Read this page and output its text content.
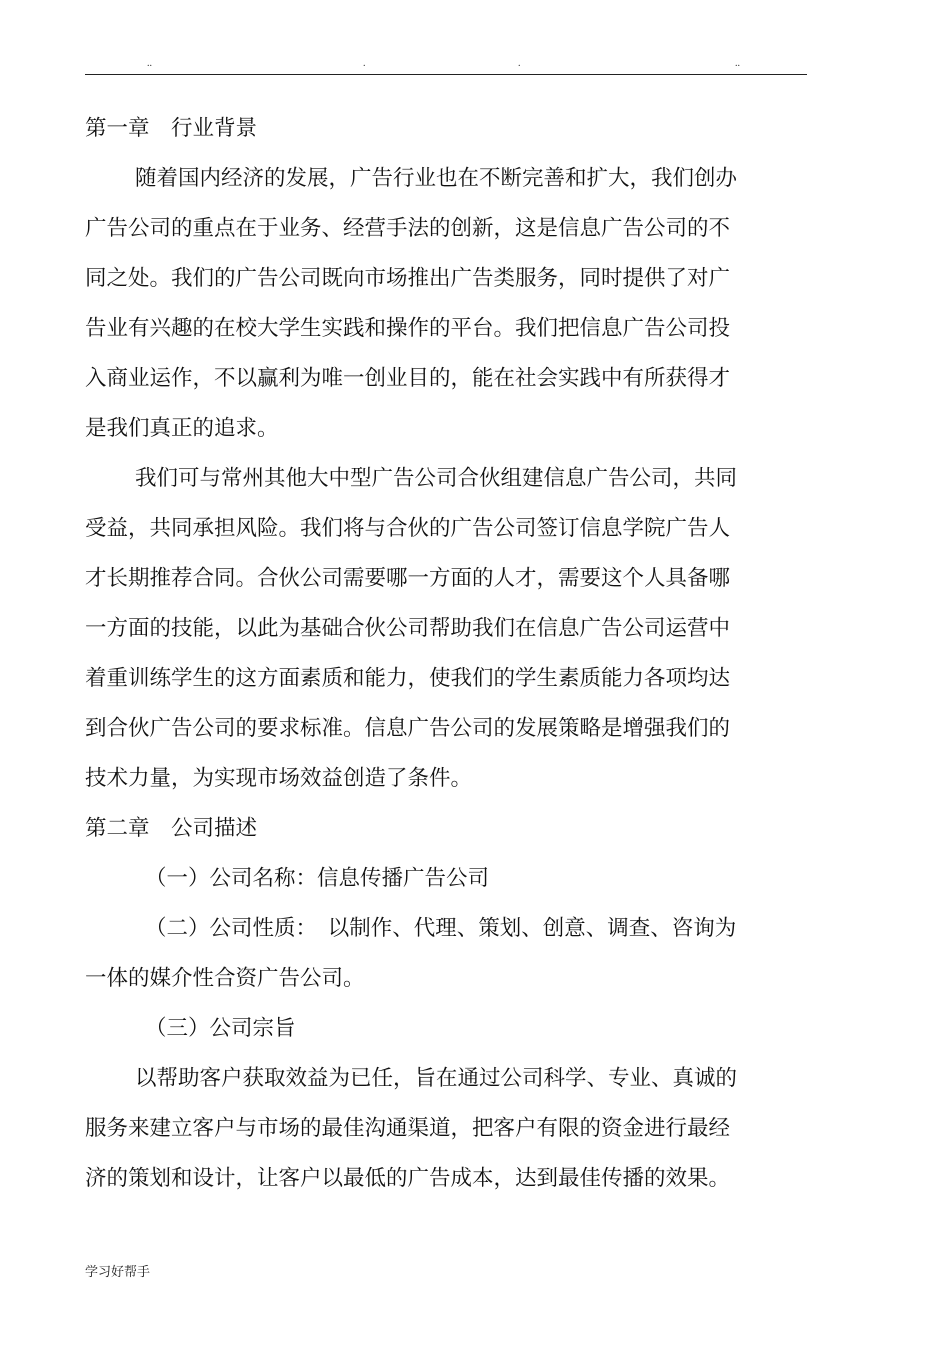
..	.	.	..

第一章　行业背景

随着国内经济的发展，广告行业也在不断完善和扩大，我们创办

广告公司的重点在于业务、经营手法的创新，这是信息广告公司的不

同之处。我们的广告公司既向市场推出广告类服务，同时提供了对广

告业有兴趣的在校大学生实践和操作的平台。我们把信息广告公司投

入商业运作，不以赢利为唯一创业目的，能在社会实践中有所获得才

是我们真正的追求。

我们可与常州其他大中型广告公司合伙组建信息广告公司，共同

受益，共同承担风险。我们将与合伙的广告公司签订信息学院广告人

才长期推荐合同。合伙公司需要哪一方面的人才，需要这个人具备哪

一方面的技能，以此为基础合伙公司帮助我们在信息广告公司运营中

着重训练学生的这方面素质和能力，使我们的学生素质能力各项均达

到合伙广告公司的要求标准。信息广告公司的发展策略是增强我们的

技术力量，为实现市场效益创造了条件。

第二章　公司描述

（一）公司名称：信息传播广告公司

（二）公司性质：　以制作、代理、策划、创意、调查、咨询为

一体的媒介性合资广告公司。

（三）公司宗旨

以帮助客户获取效益为已任，旨在通过公司科学、专业、真诚的

服务来建立客户与市场的最佳沟通渠道，把客户有限的资金进行最经

济的策划和设计，让客户以最低的广告成本，达到最佳传播的效果。

学习好帮手
